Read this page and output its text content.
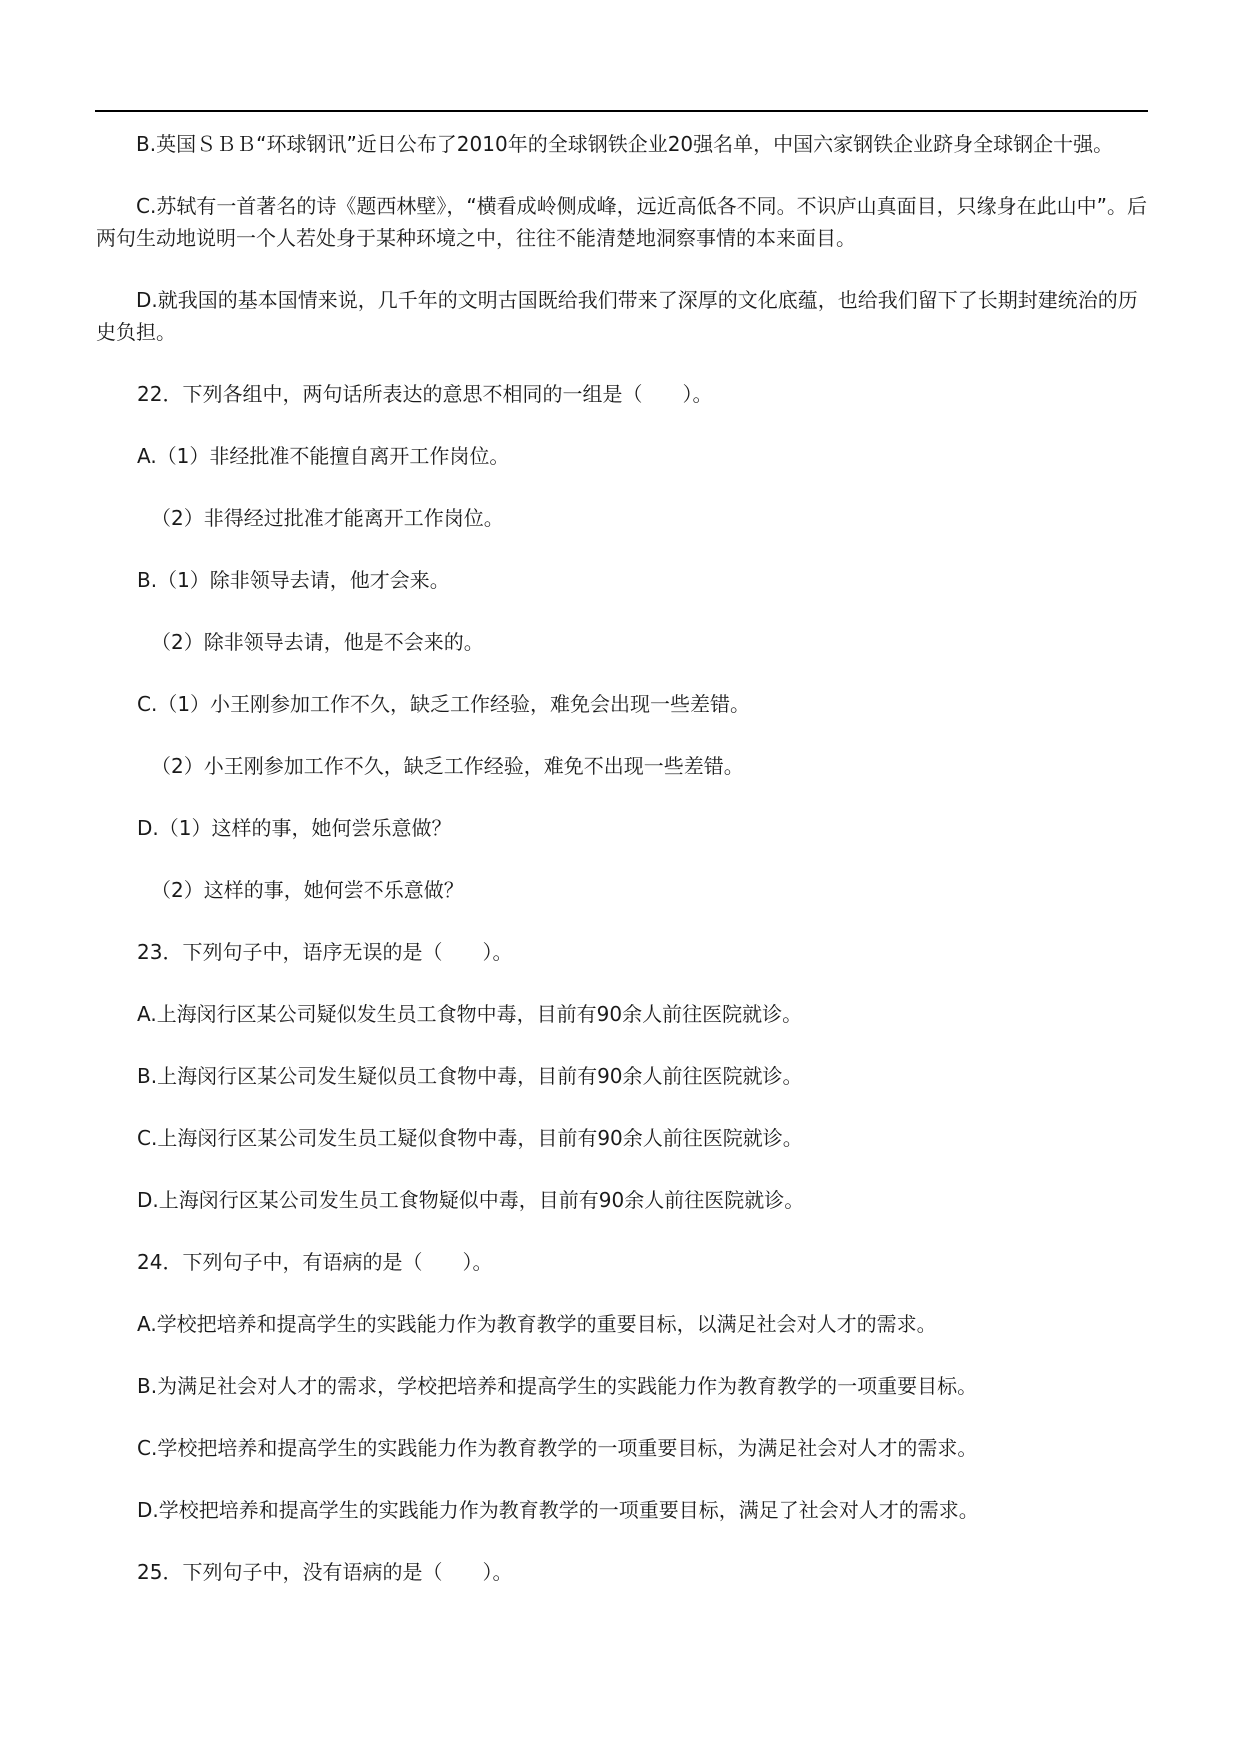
B.英国ＳＢＢ“环球钢讯”近日公布了2010年的全球钢铁企业20强名单，中国六家钢铁企业跻身全球钢企十强。

C.苏轼有一首著名的诗《题西林壁》，“横看成岭侧成峰，远近高低各不同。不识庐山真面目，只缘身在此山中”。后两句生动地说明一个人若处身于某种环境之中，往往不能清楚地洞察事情的本来面目。

D.就我国的基本国情来说，几千年的文明古国既给我们带来了深厚的文化底蕴，也给我们留下了长期封建统治的历史负担。

22．下列各组中，两句话所表达的意思不相同的一组是（　　）。

A.（1）非经批准不能擅自离开工作岗位。

（2）非得经过批准才能离开工作岗位。

B.（1）除非领导去请，他才会来。

（2）除非领导去请，他是不会来的。

C.（1）小王刚参加工作不久，缺乏工作经验，难免会出现一些差错。

（2）小王刚参加工作不久，缺乏工作经验，难免不出现一些差错。

D.（1）这样的事，她何尝乐意做？

（2）这样的事，她何尝不乐意做？

23．下列句子中，语序无误的是（　　）。

A.上海闵行区某公司疑似发生员工食物中毒，目前有90余人前往医院就诊。

B.上海闵行区某公司发生疑似员工食物中毒，目前有90余人前往医院就诊。

C.上海闵行区某公司发生员工疑似食物中毒，目前有90余人前往医院就诊。

D.上海闵行区某公司发生员工食物疑似中毒，目前有90余人前往医院就诊。

24．下列句子中，有语病的是（　　）。

A.学校把培养和提高学生的实践能力作为教育教学的重要目标，以满足社会对人才的需求。

B.为满足社会对人才的需求，学校把培养和提高学生的实践能力作为教育教学的一项重要目标。

C.学校把培养和提高学生的实践能力作为教育教学的一项重要目标，为满足社会对人才的需求。

D.学校把培养和提高学生的实践能力作为教育教学的一项重要目标，满足了社会对人才的需求。

25．下列句子中，没有语病的是（　　）。
